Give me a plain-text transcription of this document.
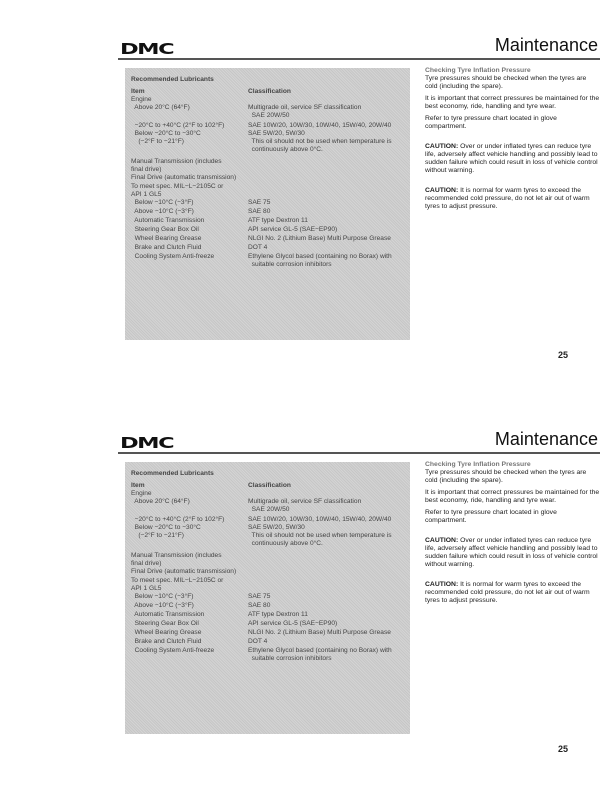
DMC	Maintenance
Recommended Lubricants
Item	Classification
Engine
Above 20°C (64°F)	Multigrade oil, service SF classification
SAE 20W/50
−20°C to +40°C (2°F to 102°F)	SAE 10W/20, 10W/30, 10W/40, 15W/40, 20W/40
Below −20°C to −30°C	SAE 5W/20, 5W/30
(−2°F to −21°F)	This oil should not be used when temperature is
continuously above 0°C.
Manual Transmission (includes
final drive)
Final Drive (automatic transmission)
To meet spec. MIL−L−2105C or
API 1 GL5
Below −10°C (−3°F)	SAE 75
Above −10°C (−3°F)	SAE 80
Automatic Transmission	ATF type Dextron 11
Steering Gear Box Oil	API service GL-5 (SAE−EP90)
Wheel Bearing Grease	NLGI No. 2 (Lithium Base) Multi Purpose Grease
Brake and Clutch Fluid	DOT 4
Cooling System Anti-freeze	Ethylene Glycol based (containing no Borax) with
suitable corrosion inhibitors

Checking Tyre Inflation Pressure

Tyre pressures should be checked when the tyres are cold (including the spare).

It is important that correct pressures be maintained for the best economy, ride, handling and tyre wear.

Refer to tyre pressure chart located in glove compartment.

CAUTION: Over or under inflated tyres can reduce tyre life, adversely affect vehicle handling and possibly lead to sudden failure which could result in loss of vehicle control without warning.

CAUTION: It is normal for warm tyres to exceed the recommended cold pressure, do not let air out of warm tyres to adjust pressure.

25
DMC	Maintenance
Recommended Lubricants
Item	Classification
Engine
Above 20°C (64°F)	Multigrade oil, service SF classification
SAE 20W/50
−20°C to +40°C (2°F to 102°F)	SAE 10W/20, 10W/30, 10W/40, 15W/40, 20W/40
Below −20°C to −30°C	SAE 5W/20, 5W/30
(−2°F to −21°F)	This oil should not be used when temperature is
continuously above 0°C.
Manual Transmission (includes
final drive)
Final Drive (automatic transmission)
To meet spec. MIL−L−2105C or
API 1 GL5
Below −10°C (−3°F)	SAE 75
Above −10°C (−3°F)	SAE 80
Automatic Transmission	ATF type Dextron 11
Steering Gear Box Oil	API service GL-5 (SAE−EP90)
Wheel Bearing Grease	NLGI No. 2 (Lithium Base) Multi Purpose Grease
Brake and Clutch Fluid	DOT 4
Cooling System Anti-freeze	Ethylene Glycol based (containing no Borax) with
suitable corrosion inhibitors

Checking Tyre Inflation Pressure

Tyre pressures should be checked when the tyres are cold (including the spare).

It is important that correct pressures be maintained for the best economy, ride, handling and tyre wear.

Refer to tyre pressure chart located in glove compartment.

CAUTION: Over or under inflated tyres can reduce tyre life, adversely affect vehicle handling and possibly lead to sudden failure which could result in loss of vehicle control without warning.

CAUTION: It is normal for warm tyres to exceed the recommended cold pressure, do not let air out of warm tyres to adjust pressure.

25
